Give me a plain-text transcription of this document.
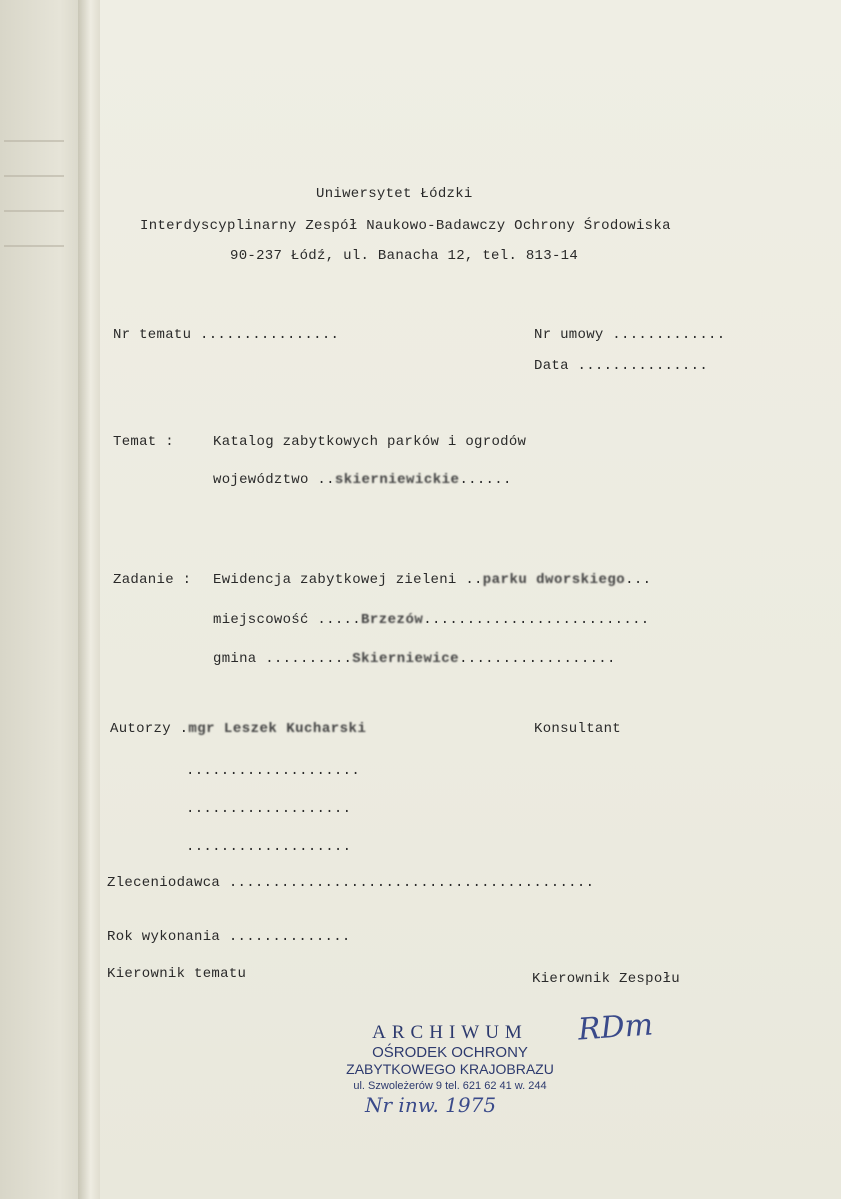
Uniwersytet Łódzki
Interdyscyplinarny Zespół Naukowo-Badawczy Ochrony Środowiska
90-237 Łódź, ul. Banacha 12, tel. 813-14
Nr tematu ................	Nr umowy .............
Data ...............
Temat :	Katalog zabytkowych parków i ogrodów
województwo ..skierniewickie......
Zadanie : Ewidencja zabytkowej zieleni ..parku dworskiego...
miejscowość .....Brzezów..........................
gmina ..........Skierniewice..................
Autorzy .mgr Leszek Kucharski	Konsultant
....................
...................
...................
Zleceniodawca ..........................................
Rok wykonania ..............
Kierownik tematu	Kierownik Zespołu
ARCHIWUM
OŚRODEK OCHRONY
ZABYTKOWEGO KRAJOBRAZU
ul. Szwoleżerów 9 tel. 621 62 41 w. 244
Nr inw. 1975
RDm
